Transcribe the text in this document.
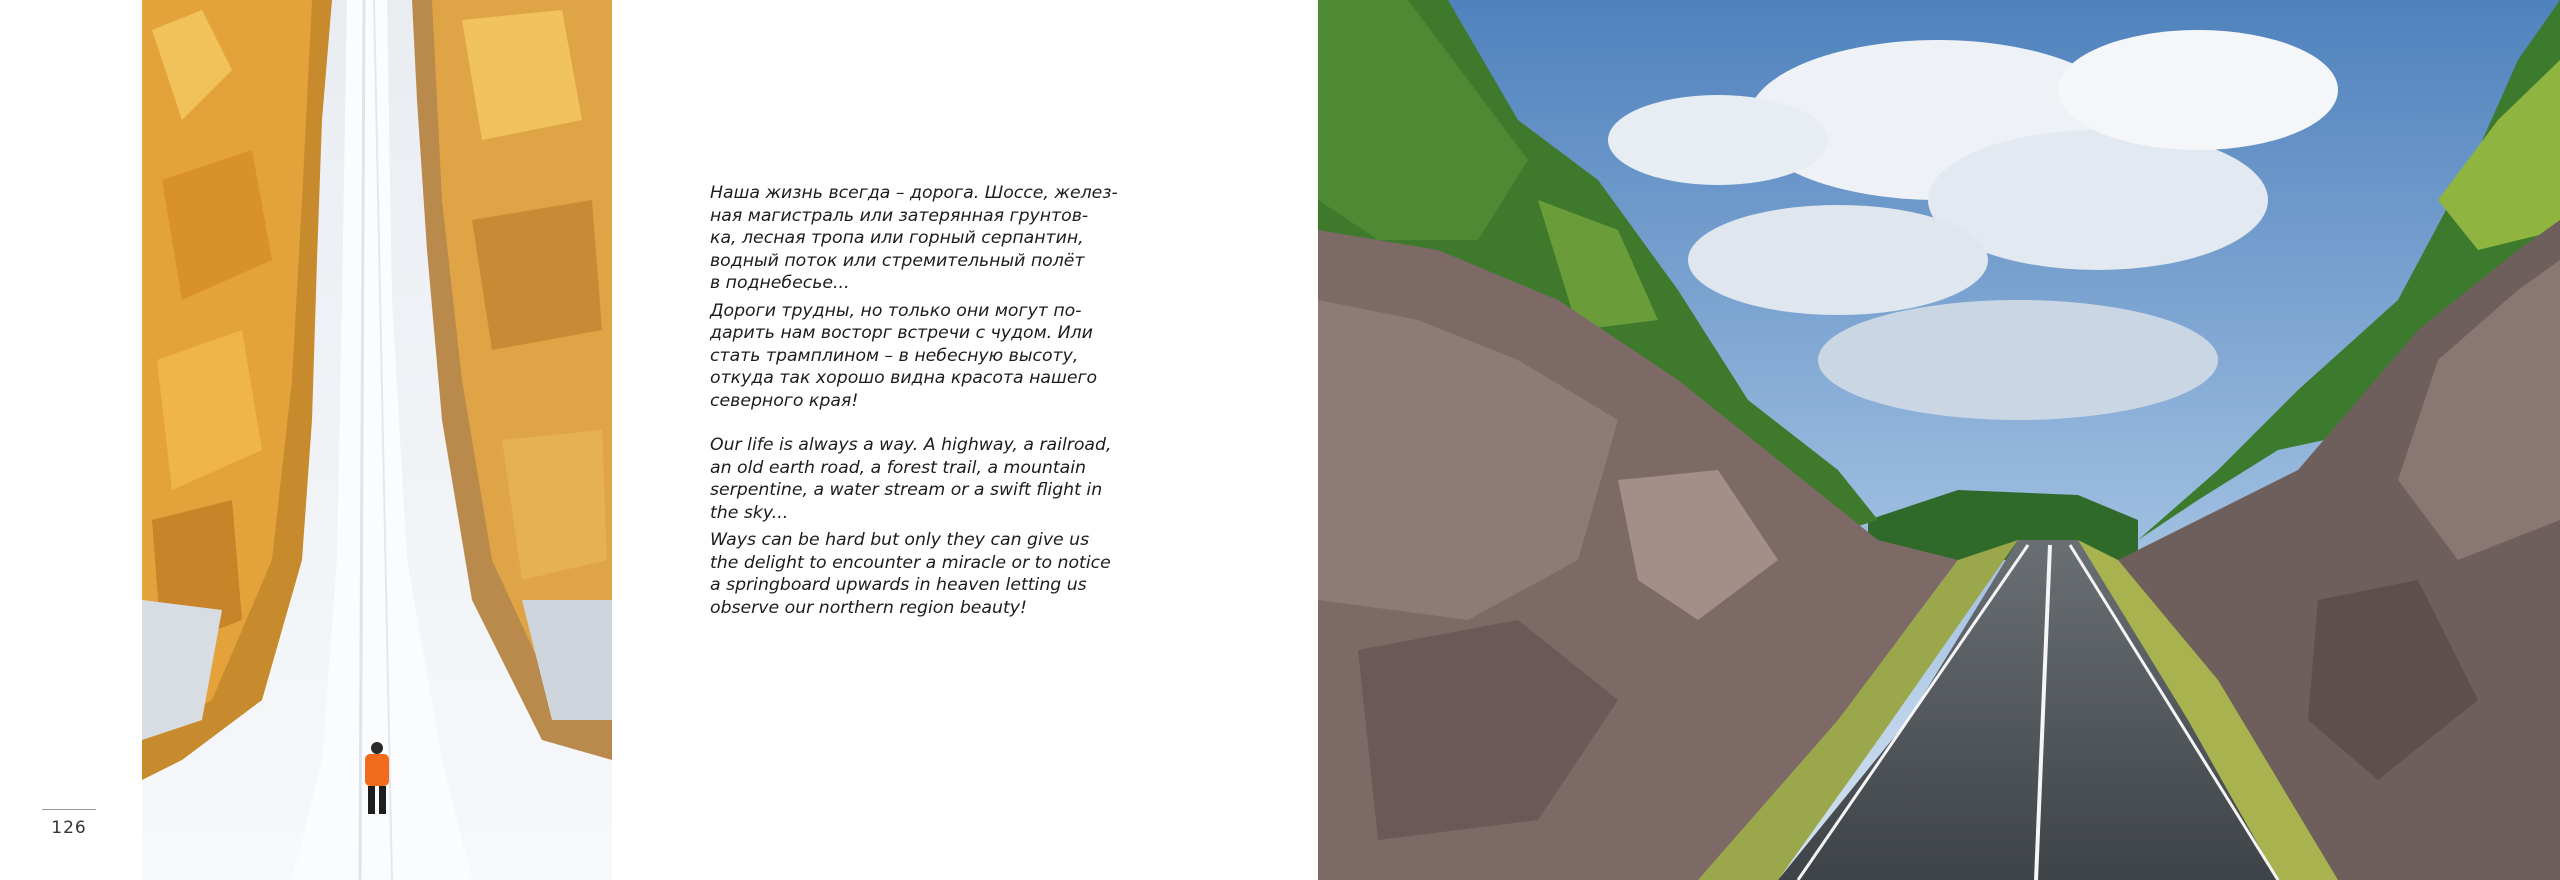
Наша жизнь всегда – дорога. Шоссе, желез-
ная магистраль или затерянная грунтов-
ка, лесная тропа или горный серпантин,
водный поток или стремительный полёт
в поднебесье...

Дороги трудны, но только они могут по-
дарить нам восторг встречи с чудом. Или
стать трамплином – в небесную высоту,
откуда так хорошо видна красота нашего
северного края!

Our life is always a way. A highway, a railroad,
an old earth road, a forest trail, a mountain
serpentine, a water stream or a swift flight in
the sky...

Ways can be hard but only they can give us
the delight to encounter a miracle or to notice
a springboard upwards in heaven letting us
observe our northern region beauty!

126
